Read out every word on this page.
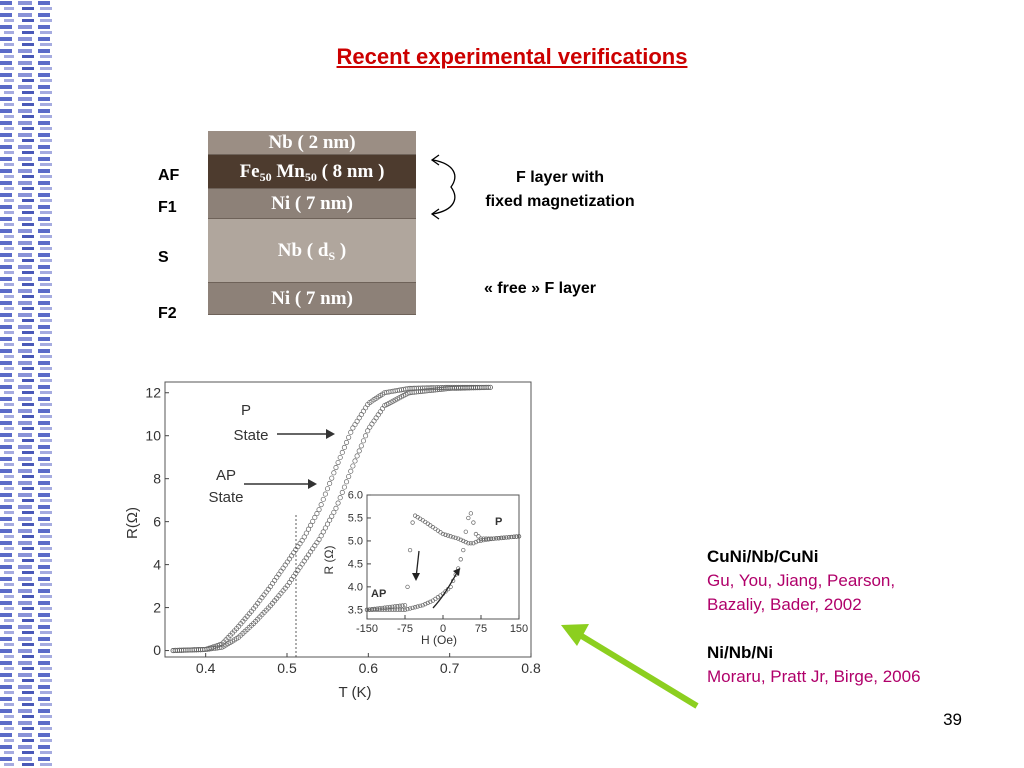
Recent experimental verifications
AF
F1
S
F2
Nb ( 2 nm)
$Fe_{50}$ $Mn_{50}$ ( 8 nm )
Ni ( 7 nm)
Nb ( $d_S$ )
Ni ( 7 nm)
F layer with
fixed magnetization
« free » F layer
0.4	0.5	0.6	0.7	0.8
0
2
4
6
8
10
12
T (K)
R(Ω)
P
State
AP
State
-150 -75 0	75 150
3.5
4.0
4.5
5.0
5.5
6.0
H (Oe)
R (Ω)
AP
P
CuNi/Nb/CuNi
Gu, You, Jiang, Pearson,
Bazaliy, Bader, 2002
Ni/Nb/Ni
Moraru, Pratt Jr, Birge, 2006
39
